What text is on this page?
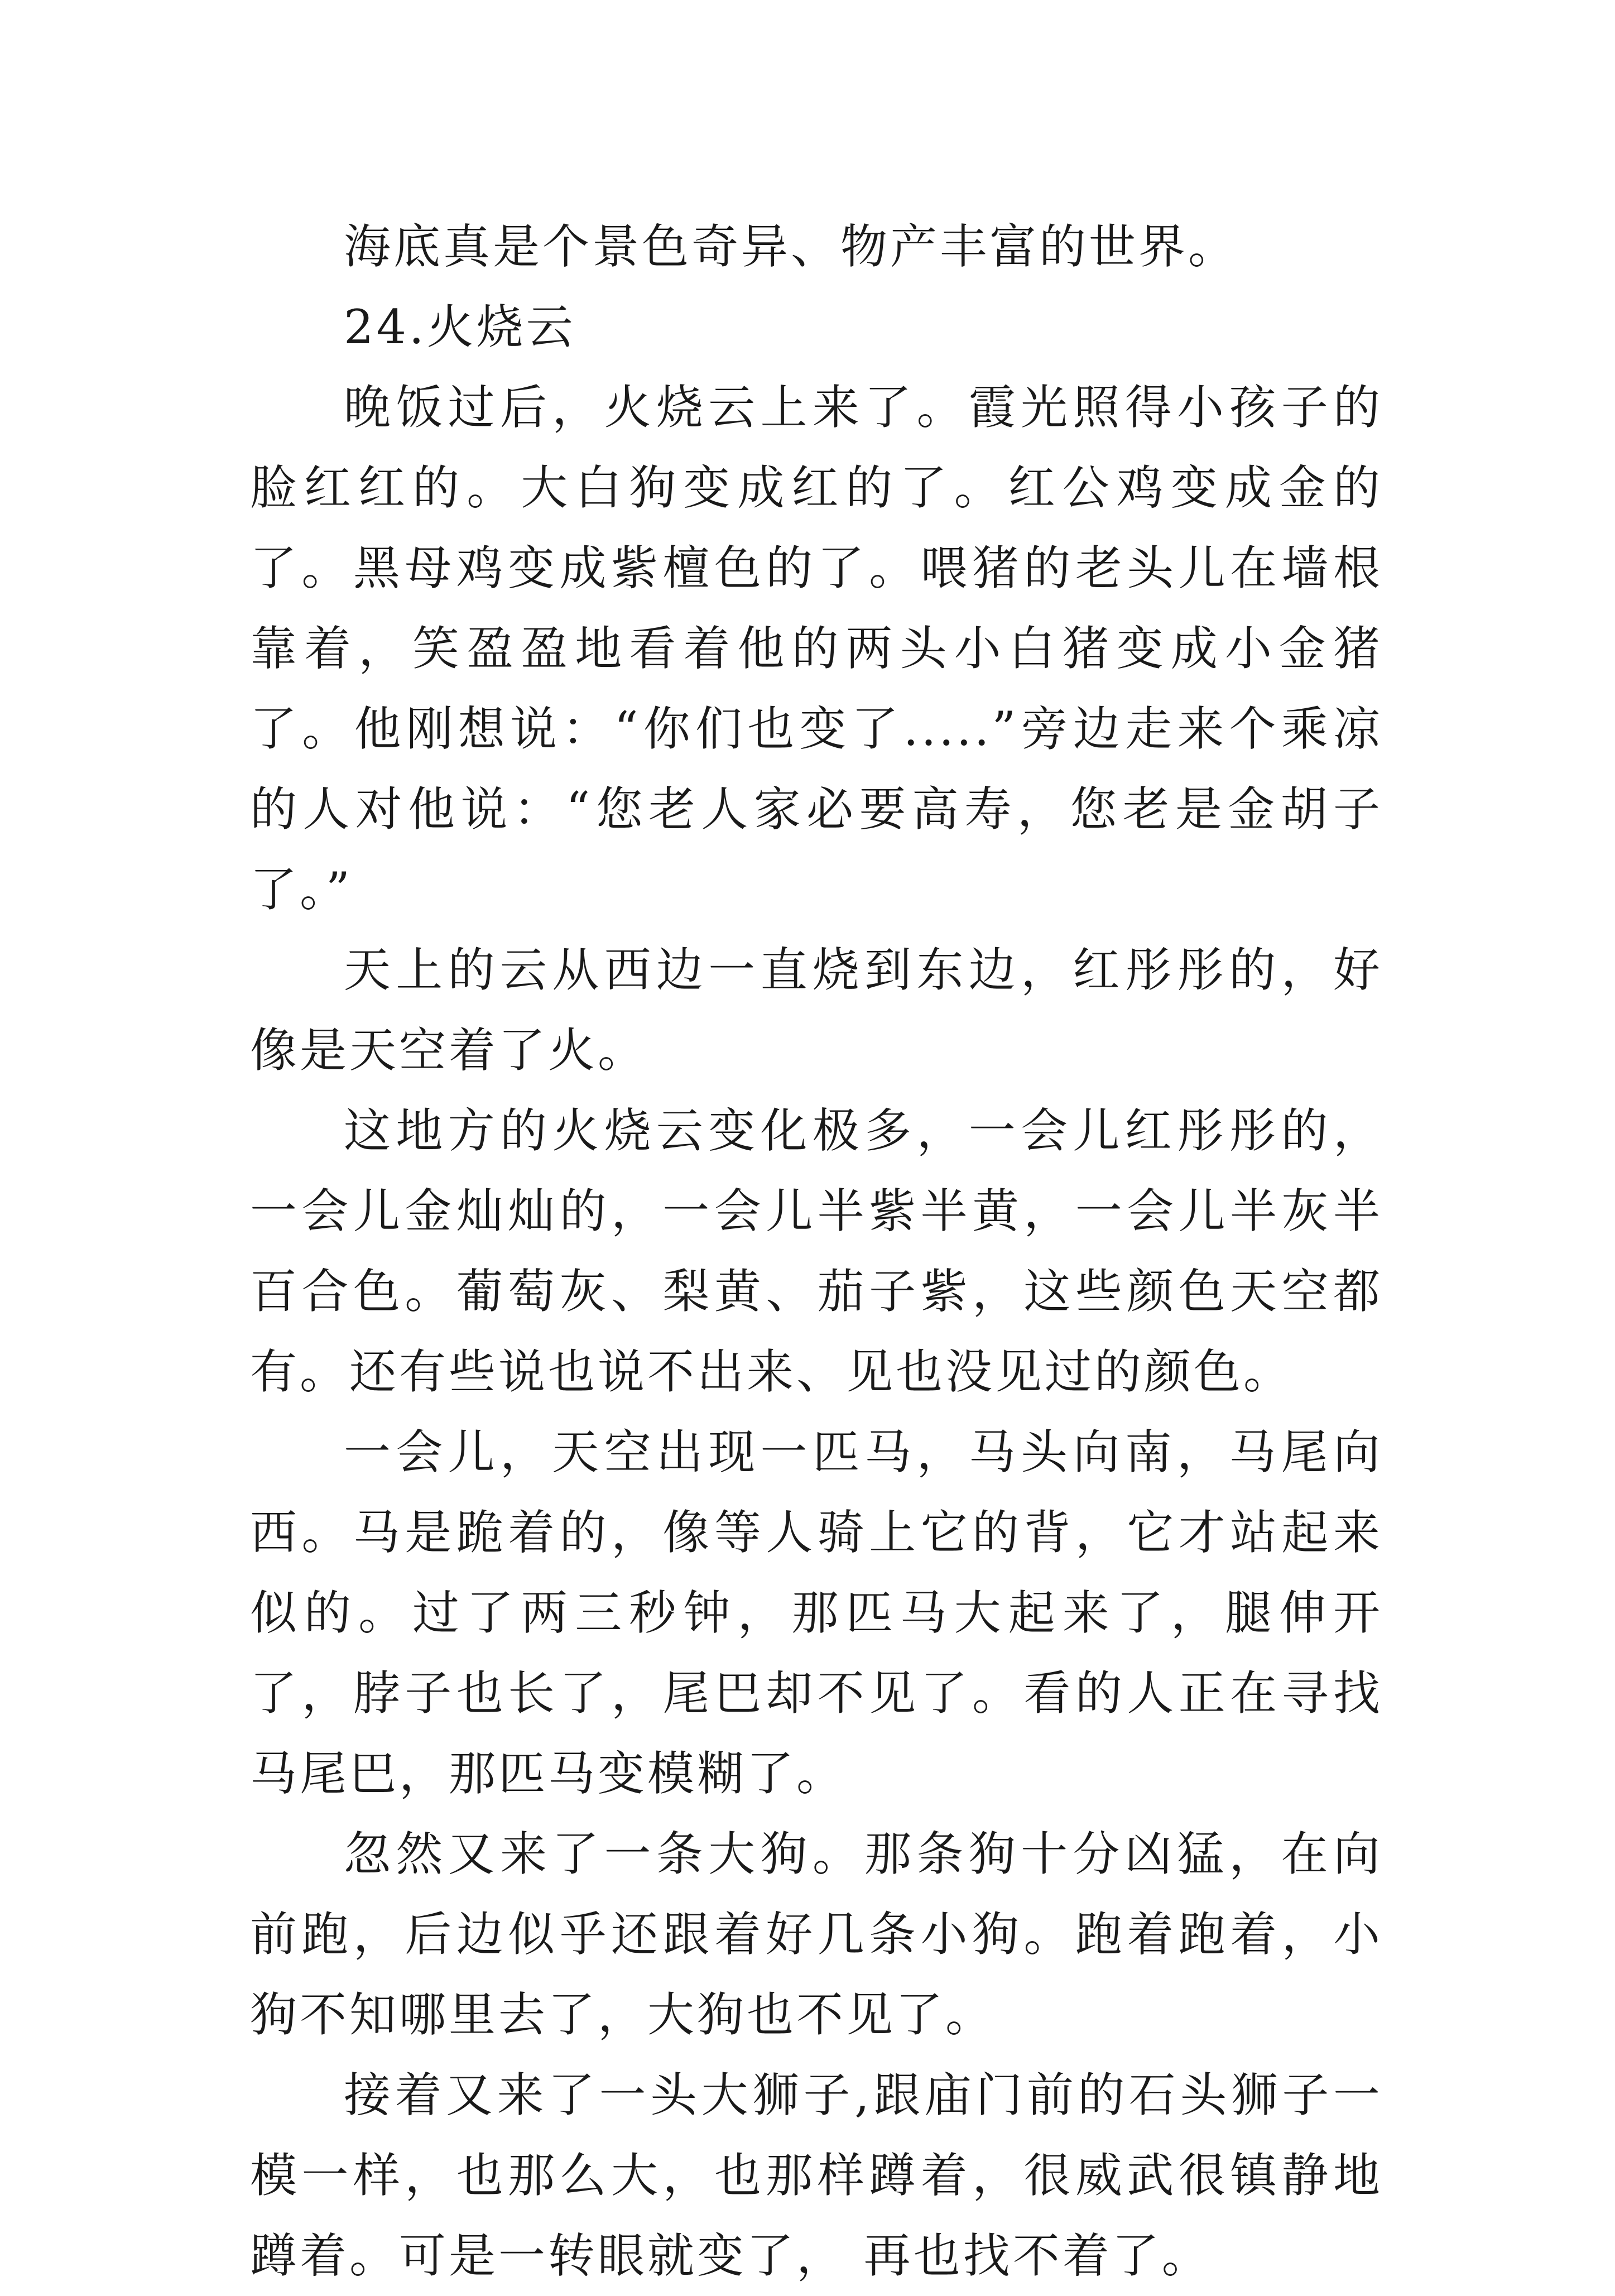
海底真是个景色奇异、物产丰富的世界。

24.火烧云

晚饭过后，火烧云上来了。霞光照得小孩子的脸红红的。大白狗变成红的了。红公鸡变成金的了。黑母鸡变成紫檀色的了。喂猪的老头儿在墙根靠着，笑盈盈地看着他的两头小白猪变成小金猪了。他刚想说：“你们也变了.....”旁边走来个乘凉的人对他说：“您老人家必要高寿，您老是金胡子了。”

天上的云从西边一直烧到东边，红彤彤的，好像是天空着了火。

这地方的火烧云变化极多，一会儿红彤彤的，一会儿金灿灿的，一会儿半紫半黄，一会儿半灰半百合色。葡萄灰、梨黄、茄子紫，这些颜色天空都有。还有些说也说不出来、见也没见过的颜色。

一会儿，天空出现一匹马，马头向南，马尾向西。马是跪着的，像等人骑上它的背，它才站起来似的。过了两三秒钟，那匹马大起来了，腿伸开了，脖子也长了，尾巴却不见了。看的人正在寻找马尾巴，那匹马变模糊了。

忽然又来了一条大狗。那条狗十分凶猛，在向前跑，后边似乎还跟着好几条小狗。跑着跑着，小狗不知哪里去了，大狗也不见了。

接着又来了一头大狮子,跟庙门前的石头狮子一模一样，也那么大，也那样蹲着，很威武很镇静地蹲着。可是一转眼就变了， 再也找不着了。
